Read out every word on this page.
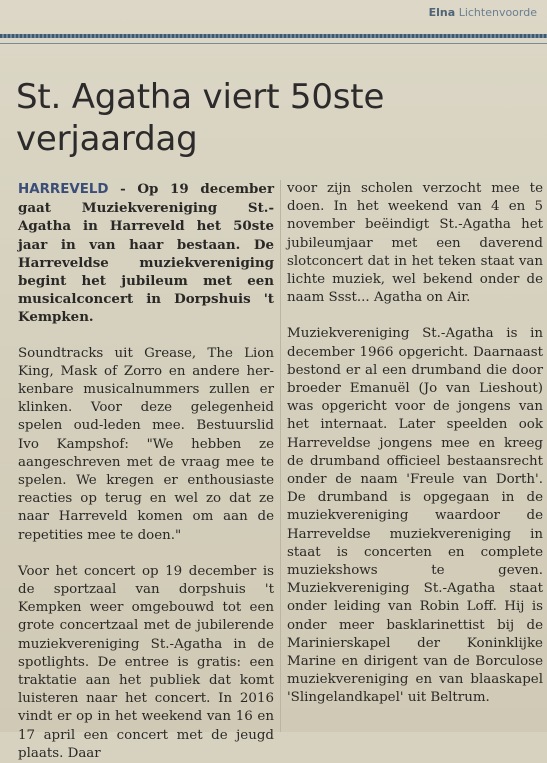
Elna Lichtenvoorde
St. Agatha viert 50ste verjaardag

HARREVELD - Op 19 december gaat Muziekvereniging St.-Agatha in Harreveld het 50ste jaar in van haar bestaan. De Harreveldse muziekvereniging begint het jubileum met een musicalconcert in Dorpshuis 't Kempken.

Soundtracks uit Grease, The Lion King, Mask of Zorro en andere herkenbare musicalnummers zullen er klinken. Voor deze gelegenheid spelen oud-leden mee. Bestuurslid Ivo Kampshof: "We hebben ze aangeschreven met de vraag mee te spelen. We kregen er enthousiaste reacties op terug en wel zo dat ze naar Harreveld komen om aan de repetities mee te doen."

Voor het concert op 19 december is de sportzaal van dorpshuis 't Kempken weer omgebouwd tot een grote concertzaal met de jubilerende muziekvereniging St.-Agatha in de spotlights. De entree is gratis: een traktatie aan het publiek dat komt luisteren naar het concert. In 2016 vindt er op in het weekend van 16 en 17 april een concert met de jeugd plaats. Daar

voor zijn scholen verzocht mee te doen. In het weekend van 4 en 5 november beëindigt St.-Agatha het jubileumjaar met een daverend slotconcert dat in het teken staat van lichte muziek, wel bekend onder de naam Ssst... Agatha on Air.

Muziekvereniging St.-Agatha is in december 1966 opgericht. Daarnaast bestond er al een drumband die door broeder Emanuël (Jo van Lieshout) was opgericht voor de jongens van het internaat. Later speelden ook Harreveldse jongens mee en kreeg de drumband officieel bestaansrecht onder de naam 'Freule van Dorth'. De drumband is opgegaan in de muziekvereniging waardoor de Harreveldse muziekvereniging in staat is concerten en complete muziekshows te geven. Muziekvereniging St.-Agatha staat onder leiding van Robin Loff. Hij is onder meer basklarinettist bij de Marinierskapel der Koninklijke Marine en dirigent van de Borculose muziekvereniging en van blaaskapel 'Slingelandkapel' uit Beltrum.
